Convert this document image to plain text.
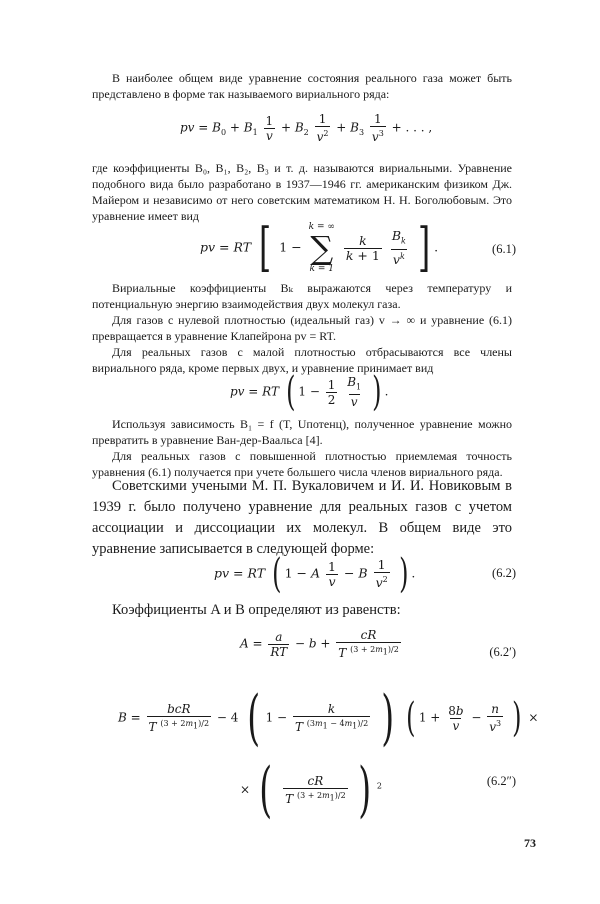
В наиболее общем виде уравнение состояния реального газа может быть представлено в форме так называемого вириального ряда:

pv = $B_0 + B_1 \frac{1}{v} + B_2 \frac{1}{v^2} + B_3 \frac{1}{v^3}$ + . . . ,

где коэффициенты B₀, B₁, B₂, B₃ и т. д. называются вириальными. Уравнение подобного вида было разработано в 1937—1946 гг. американским физиком Дж. Майером и независимо от него советским математиком Н. Н. Боголюбовым. Это уравнение имеет вид

pv = RT [ 1 −
k = ∞
∑
k = 1

$\frac{k}{k + 1}$
$\frac{B_k}{v^k}$ ] .	(6.1)

Вириальные коэффициенты Bₖ выражаются через температуру и потенциальную энергию взаимодействия двух молекул газа.

Для газов с нулевой плотностью (идеальный газ) v → ∞ и уравнение (6.1) превращается в уравнение Клапейрона pv = RT.

Для реальных газов с малой плотностью отбрасываются все члены вириального ряда, кроме первых двух, и уравнение принимает вид

pv = RT ( $1 - \frac{1}{2}$
$\frac{B_1}{v}$ ) .

Используя зависимость B₁ = f (T, Uпотенц), полученное уравнение можно превратить в уравнение Ван-дер-Ваальса [4].

Для реальных газов с повышенной плотностью приемлемая точность уравнения (6.1) получается при учете большего числа членов вириального ряда.

Советскими учеными М. П. Вукаловичем и И. И. Новиковым в 1939 г. было получено уравнение для реальных газов с учетом ассоциации и диссоциации их молекул. В общем виде это уравнение записывается в следующей форме:

pv = RT ( 1 − A $\frac{1}{v} - B \frac{1}{v^2}$ ) .	(6.2)

Коэффициенты A и B определяют из равенств:

$A = \frac{a}{RT} - b + \frac{cR}{T ^{(3 + 2m_1)/2}}$	(6.2′)
$B = \frac{\text{bcR}}{T ^{(3 + 2m_1)/2}} - 4$ ( $1 - \frac{k}{T ^{(3m_1 - 4m_1)/2}}$ ) ( $1 + \frac{8b}{v} - \frac{n}{v^3}$ ) ×
× ( $\frac{cR}{T ^{(3 + 2m_1)/2}}$ ) $^2$	(6.2″)
73
